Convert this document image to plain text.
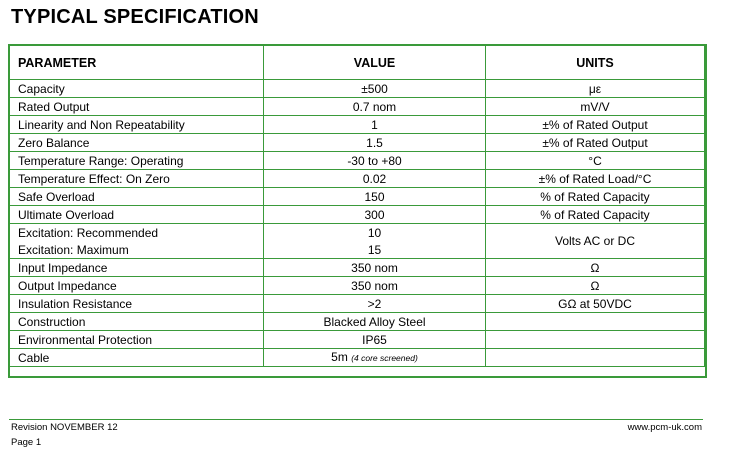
TYPICAL SPECIFICATION
PARAMETER	VALUE	UNITS
Capacity	±500	με
Rated Output	0.7 nom	mV/V
Linearity and Non Repeatability	1	±% of Rated Output
Zero Balance	1.5	±% of Rated Output
Temperature Range: Operating	-30 to +80	°C
Temperature Effect: On Zero	0.02	±% of Rated Load/°C
Safe Overload	150	% of Rated Capacity
Ultimate Overload	300	% of Rated Capacity
Excitation: Recommended	10	Volts AC or DC
Excitation: Maximum	15	
Input Impedance	350 nom	Ω
Output Impedance	350 nom	Ω
Insulation Resistance	>2	GΩ at 50VDC
Construction	Blacked Alloy Steel	
Environmental Protection	IP65	
Cable	5m (4 core screened)	
Revision NOVEMBER 12
Page 1
www.pcm-uk.com
